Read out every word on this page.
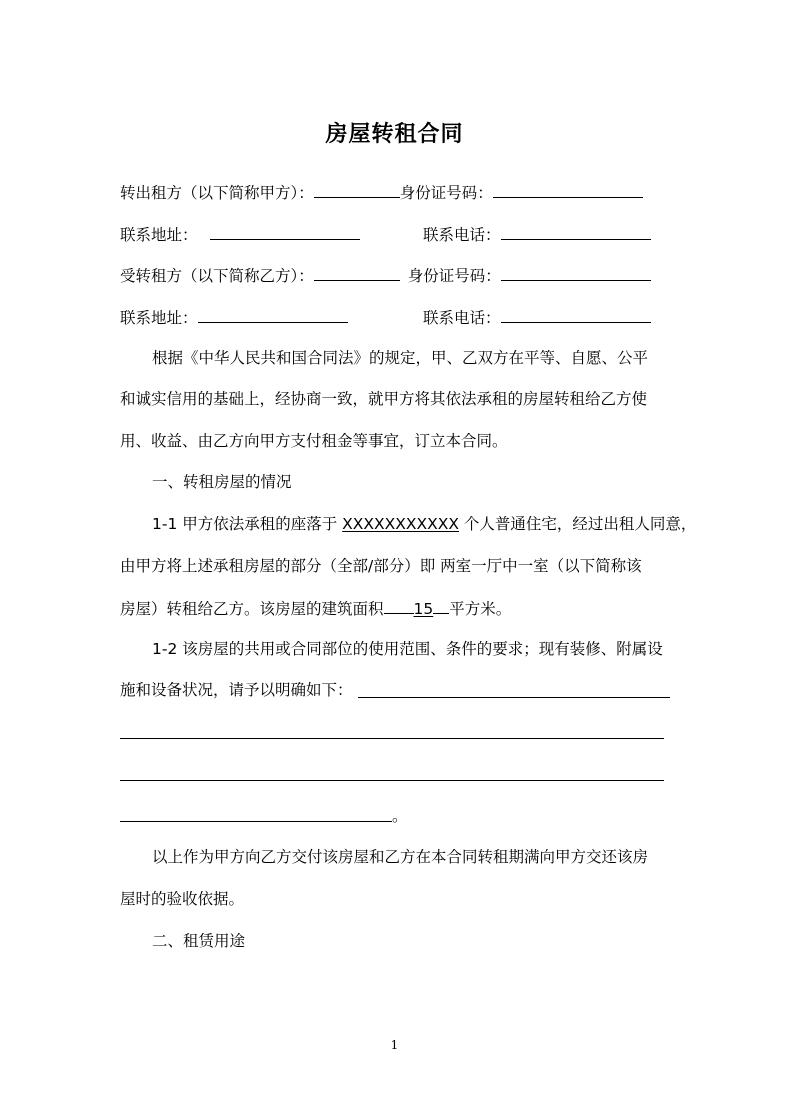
房屋转租合同
转出租方（以下简称甲方）：	身份证号码：
联系地址：	联系电话：
受转租方（以下简称乙方）：	身份证号码：
联系地址：	联系电话：
根据《中华人民共和国合同法》的规定，甲、乙双方在平等、自愿、公平
和诚实信用的基础上，经协商一致，就甲方将其依法承租的房屋转租给乙方使
用、收益、由乙方向甲方支付租金等事宜，订立本合同。
一、转租房屋的情况
1-1 甲方依法承租的座落于 XXXXXXXXXXX 个人普通住宅，经过出租人同意，
由甲方将上述承租房屋的部分（全部/部分）即 两室一厅中一室（以下简称该
房屋）转租给乙方。该房屋的建筑面积 15 平方米。
1-2 该房屋的共用或合同部位的使用范围、条件的要求；现有装修、附属设
施和设备状况，请予以明确如下：
。
以上作为甲方向乙方交付该房屋和乙方在本合同转租期满向甲方交还该房
屋时的验收依据。
二、租赁用途
1
